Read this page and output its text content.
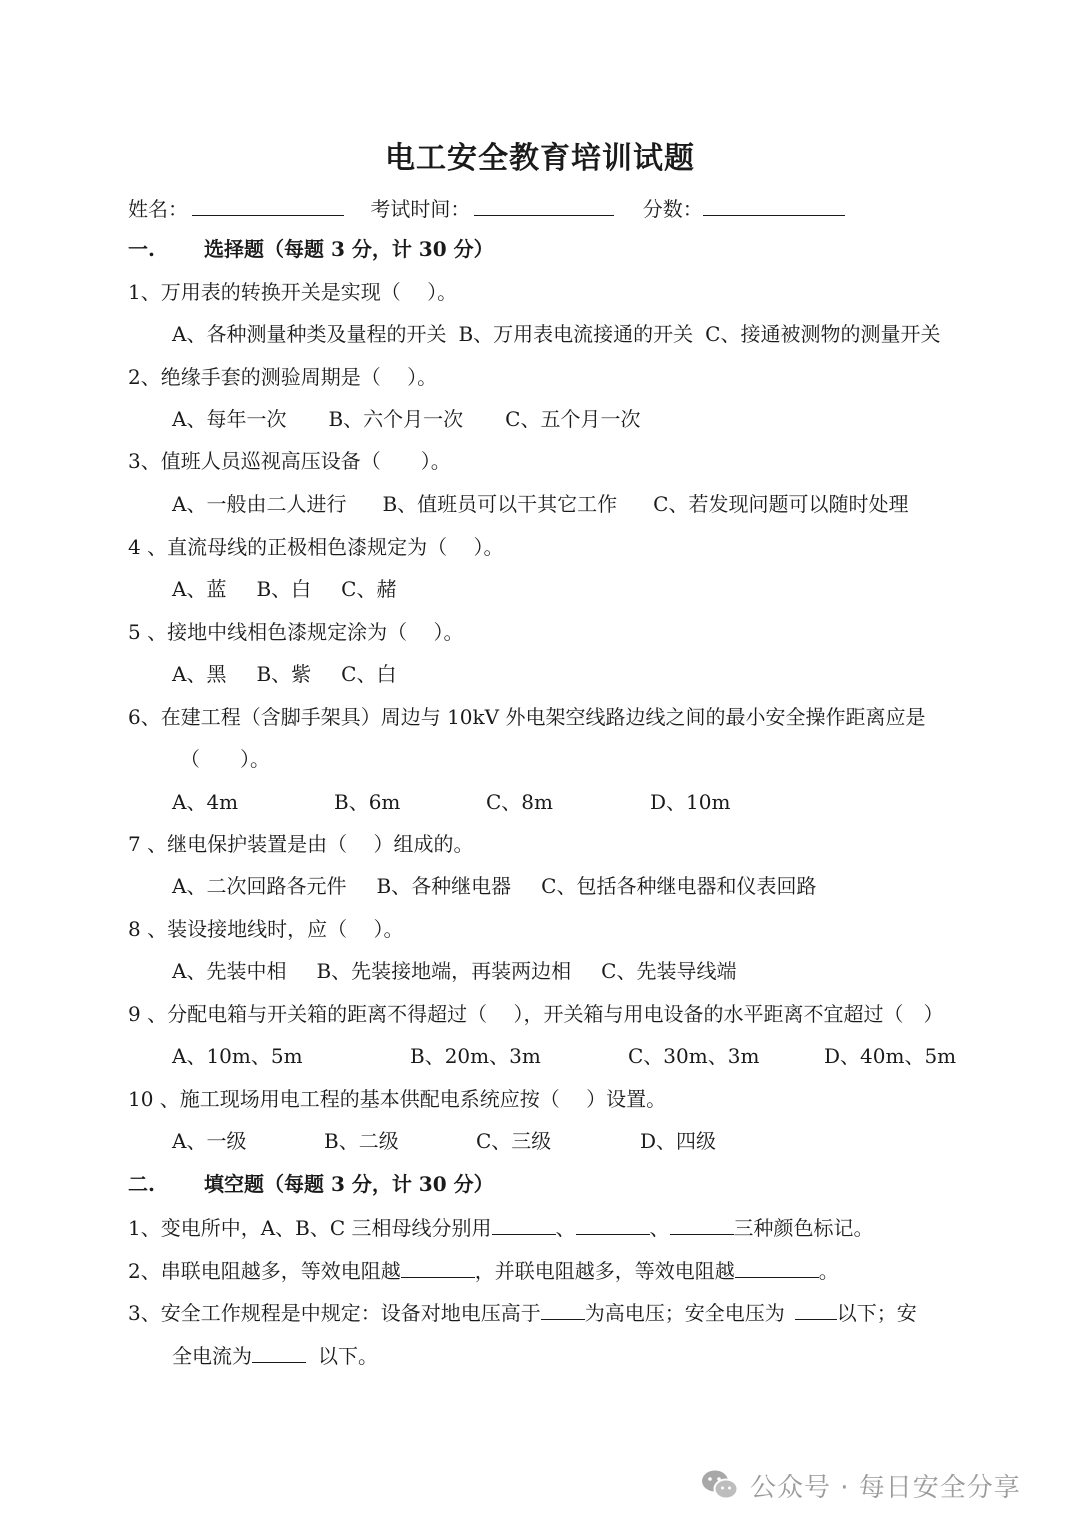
电工安全教育培训试题
姓名：	考试时间：	分数：
一. 选择题（每题 3 分，计 30 分）
1、万用表的转换开关是实现（　 ）。
A、各种测量种类及量程的开关 B、万用表电流接通的开关 C、接通被测物的测量开关
2、绝缘手套的测验周期是（　 ）。
A、每年一次 B、六个月一次 C、五个月一次
3、值班人员巡视高压设备（　　）。
A、一般由二人进行 B、值班员可以干其它工作 C、若发现问题可以随时处理
4 、直流母线的正极相色漆规定为（　 ）。
A、蓝 B、白 C、赭
5 、接地中线相色漆规定涂为（　 ）。
A、黑 B、紫 C、白
6、在建工程（含脚手架具）周边与 10kV 外电架空线路边线之间的最小安全操作距离应是
（　　）。
A、4m	B、6m	C、8m	D、10m
7 、继电保护装置是由（　 ）组成的。
A、二次回路各元件 B、各种继电器 C、包括各种继电器和仪表回路
8 、装设接地线时，应（　 ）。
A、先装中相 B、先装接地端，再装两边相 C、先装导线端
9 、分配电箱与开关箱的距离不得超过（　 ），开关箱与用电设备的水平距离不宜超过（　）
A、10m、5m	B、20m、3m	C、30m、3m	D、40m、5m
10 、施工现场用电工程的基本供配电系统应按（　 ）设置。
A、一级	B、二级	C、三级	D、四级
二. 填空题（每题 3 分，计 30 分）
1、变电所中，A、B、C 三相母线分别用	、	、	三种颜色标记。
2、串联电阻越多，等效电阻越	，并联电阻越多，等效电阻越	。
3、安全工作规程是中规定：设备对地电压高于 为高电压；安全电压为	以下；安
全电流为	以下。
公众号 · 每日安全分享
